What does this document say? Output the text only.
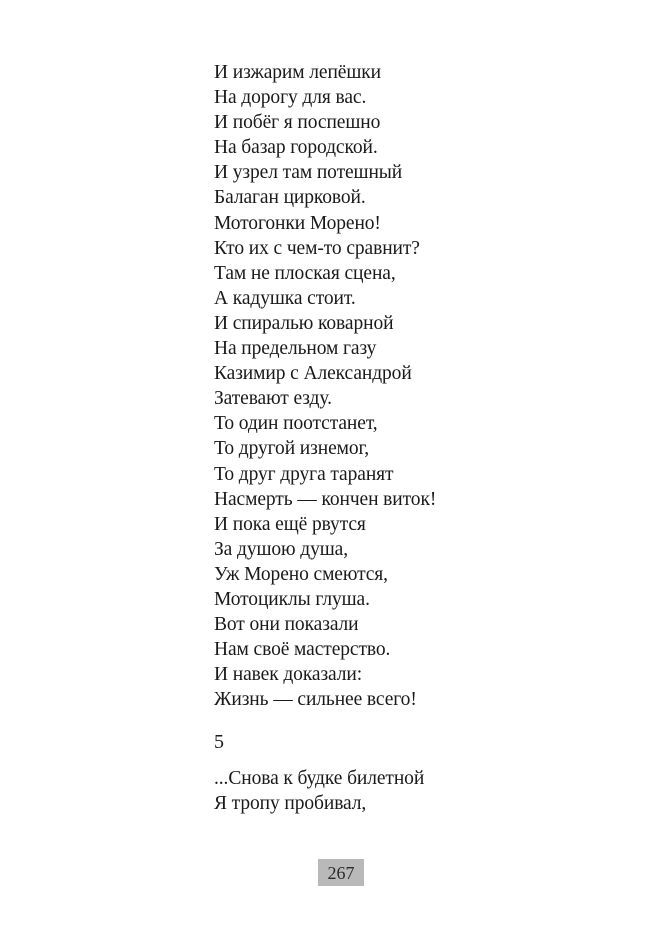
И изжарим лепёшки
На дорогу для вас.
И побёг я поспешно
На базар городской.
И узрел там потешный
Балаган цирковой.
Мотогонки Морено!
Кто их с чем-то сравнит?
Там не плоская сцена,
А кадушка стоит.
И спиралью коварной
На предельном газу
Казимир с Александрой
Затевают езду.
То один поотстанет,
То другой изнемог,
То друг друга таранят
Насмерть — кончен виток!
И пока ещё рвутся
За душою душа,
Уж Морено смеются,
Мотоциклы глуша.
Вот они показали
Нам своё мастерство.
И навек доказали:
Жизнь — сильнее всего!
5
...Снова к будке билетной
Я тропу пробивал,
267
